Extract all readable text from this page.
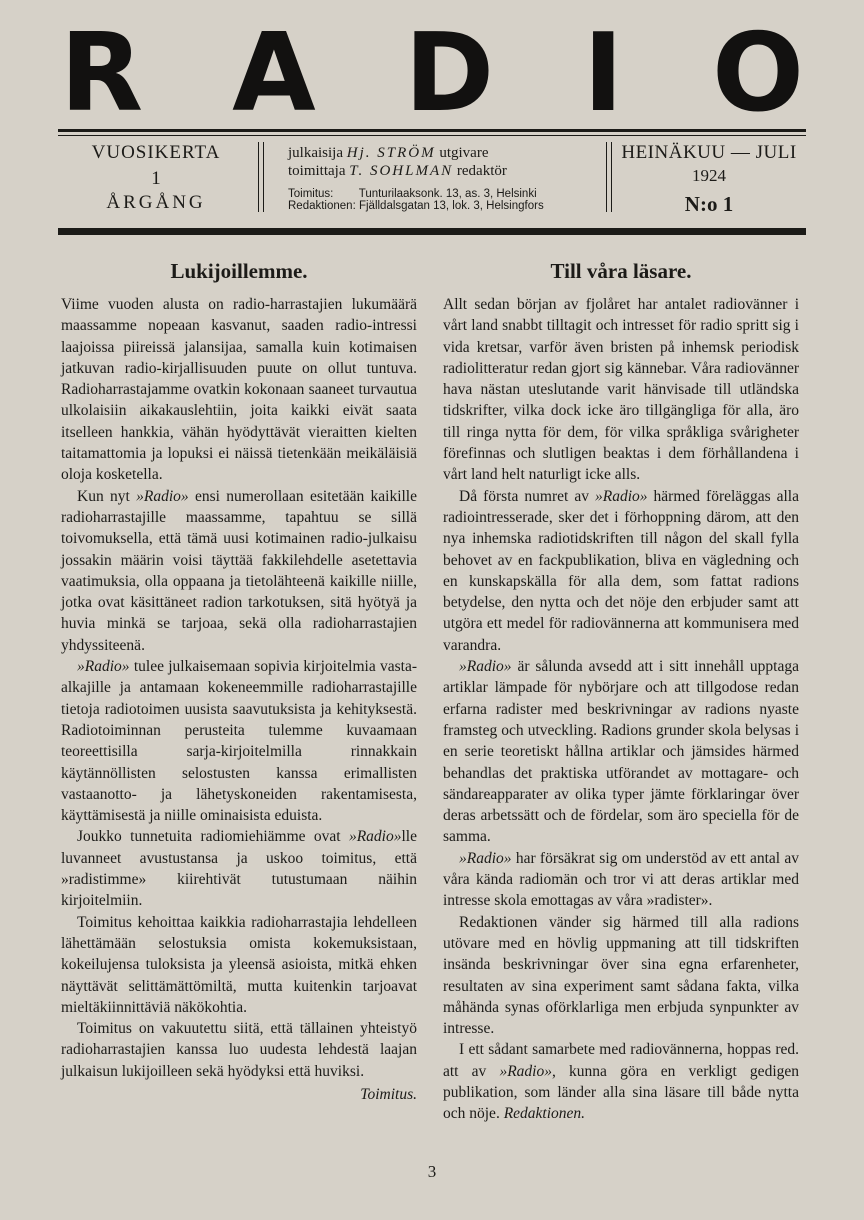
R A D I O
VUOSIKERTA
1
ÅRGÅNG
julkaisija Hj. STRÖM utgivare
toimittaja T. SOHLMAN redaktör
Toimitus:        Tunturilaaksonk. 13, as. 3, Helsinki
Redaktionen: Fjälldalsgatan 13, lok. 3, Helsingfors
HEINÄKUU — JULI
1924
N:o 1
Lukijoillemme.

Viime vuoden alusta on radio-harrastajien lukumäärä maassamme nopeaan kasvanut, saaden radio-intressi laajoissa piireissä jalansijaa, samalla kuin kotimaisen jatkuvan radio-kirjallisuuden puute on ollut tuntuva. Radioharrastajamme ovatkin kokonaan saaneet turvautua ulkolaisiin aikakauslehtiin, joita kaikki eivät saata itselleen hankkia, vähän hyödyttävät vieraitten kielten taitamattomia ja lopuksi ei näissä tietenkään meikäläisiä oloja kosketella.

Kun nyt »Radio» ensi numerollaan esitetään kaikille radioharrastajille maassamme, tapahtuu se sillä toivomuksella, että tämä uusi kotimainen radio-julkaisu jossakin määrin voisi täyttää fakkilehdelle asetettavia vaatimuksia, olla oppaana ja tietolähteenä kaikille niille, jotka ovat käsittäneet radion tarkotuksen, sitä hyötyä ja huvia minkä se tarjoaa, sekä olla radioharrastajien yhdyssiteenä.

»Radio» tulee julkaisemaan sopivia kirjoitelmia vasta-alkajille ja antamaan kokeneemmille radioharrastajille tietoja radiotoimen uusista saavutuksista ja kehityksestä. Radiotoiminnan perusteita tulemme kuvaamaan teoreettisilla sarja-kirjoitelmilla rinnakkain käytännöllisten selostusten kanssa erimallisten vastaanotto- ja lähetyskoneiden rakentamisesta, käyttämisestä ja niille ominaisista eduista.

Joukko tunnetuita radiomiehiämme ovat »Radio»lle luvanneet avustustansa ja uskoo toimitus, että »radistimme» kiirehtivät tutustumaan näihin kirjoitelmiin.

Toimitus kehoittaa kaikkia radioharrastajia lehdelleen lähettämään selostuksia omista kokemuksistaan, kokeilujensa tuloksista ja yleensä asioista, mitkä ehken näyttävät selittämättömiltä, mutta kuitenkin tarjoavat mieltäkiinnittäviä näkökohtia.

Toimitus on vakuutettu siitä, että tällainen yhteistyö radioharrastajien kanssa luo uudesta lehdestä laajan julkaisun lukijoilleen sekä hyödyksi että huviksi.

Toimitus.
Till våra läsare.

Allt sedan början av fjolåret har antalet radiovänner i vårt land snabbt tilltagit och intresset för radio spritt sig i vida kretsar, varför även bristen på inhemsk periodisk radiolitteratur redan gjort sig kännebar. Våra radiovänner hava nästan uteslutande varit hänvisade till utländska tidskrifter, vilka dock icke äro tillgängliga för alla, äro till ringa nytta för dem, för vilka språkliga svårigheter förefinnas och slutligen beaktas i dem förhållandena i vårt land helt naturligt icke alls.

Då första numret av »Radio» härmed föreläggas alla radiointresserade, sker det i förhoppning därom, att den nya inhemska radiotidskriften till någon del skall fylla behovet av en fackpublikation, bliva en vägledning och en kunskapskälla för alla dem, som fattat radions betydelse, den nytta och det nöje den erbjuder samt att utgöra ett medel för radiovännerna att kommunisera med varandra.

»Radio» är sålunda avsedd att i sitt innehåll upptaga artiklar lämpade för nybörjare och att tillgodose redan erfarna radister med beskrivningar av radions nyaste framsteg och utveckling. Radions grunder skola belysas i en serie teoretiskt hållna artiklar och jämsides härmed behandlas det praktiska utförandet av mottagare- och sändareapparater av olika typer jämte förklaringar över deras arbetssätt och de fördelar, som äro speciella för de samma.

»Radio» har försäkrat sig om understöd av ett antal av våra kända radiomän och tror vi att deras artiklar med intresse skola emottagas av våra »radister».

Redaktionen vänder sig härmed till alla radions utövare med en hövlig uppmaning att till tidskriften insända beskrivningar över sina egna erfarenheter, resultaten av sina experiment samt sådana fakta, vilka måhända synas oförklarliga men erbjuda synpunkter av intresse.

I ett sådant samarbete med radiovännerna, hoppas red. att av »Radio», kunna göra en verkligt gedigen publikation, som länder alla sina läsare till både nytta och nöje. Redaktionen.

3
